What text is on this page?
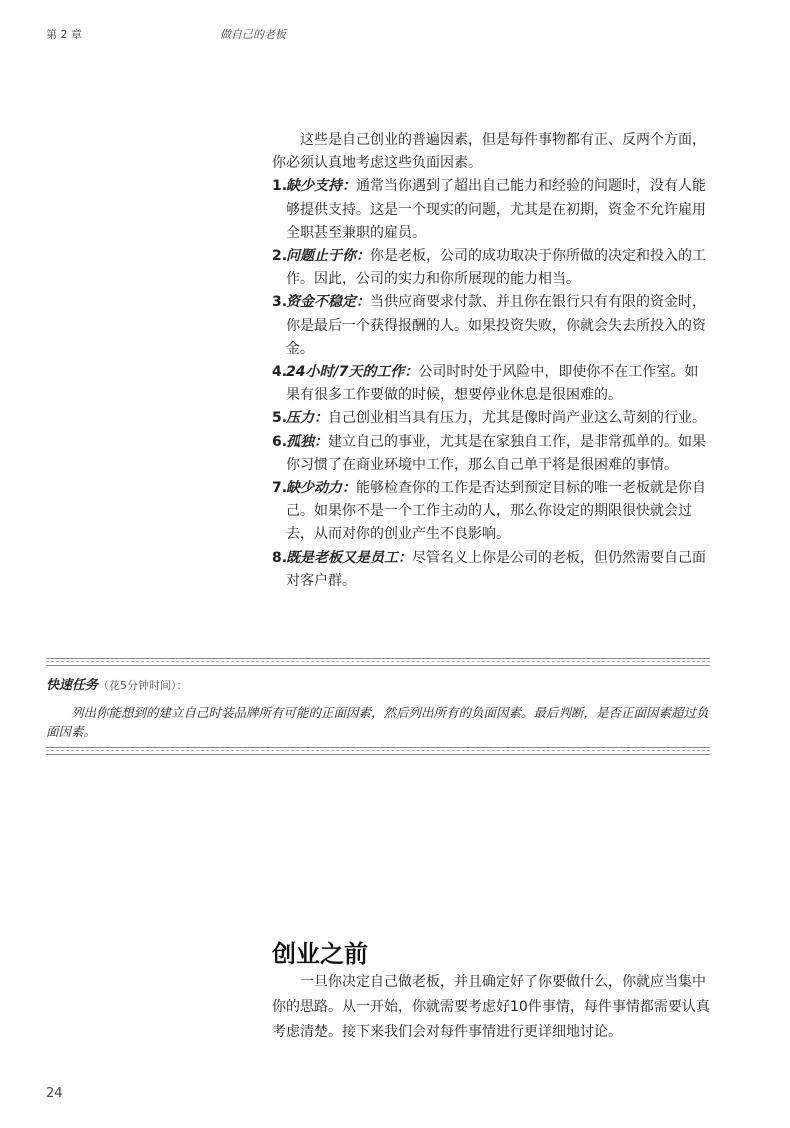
第 2 章	做自己的老板

这些是自己创业的普遍因素，但是每件事物都有正、反两个方面，你必须认真地考虑这些负面因素。

1.
缺少支持：通常当你遇到了超出自己能力和经验的问题时，没有人能够提供支持。这是一个现实的问题，尤其是在初期，资金不允许雇用全职甚至兼职的雇员。
2.
问题止于你：你是老板，公司的成功取决于你所做的决定和投入的工作。因此，公司的实力和你所展现的能力相当。
3.
资金不稳定：当供应商要求付款、并且你在银行只有有限的资金时，你是最后一个获得报酬的人。如果投资失败，你就会失去所投入的资金。
4.
24小时/7天的工作：公司时时处于风险中，即使你不在工作室。如果有很多工作要做的时候，想要停业休息是很困难的。
5.
压力：自己创业相当具有压力，尤其是像时尚产业这么苛刻的行业。
6.
孤独：建立自己的事业，尤其是在家独自工作，是非常孤单的。如果你习惯了在商业环境中工作，那么自己单干将是很困难的事情。
7.
缺少动力：能够检查你的工作是否达到预定目标的唯一老板就是你自己。如果你不是一个工作主动的人，那么你设定的期限很快就会过去，从而对你的创业产生不良影响。
8.
既是老板又是员工：尽管名义上你是公司的老板，但仍然需要自己面对客户群。
快速任务（花5分钟时间）：

列出你能想到的建立自己时装品牌所有可能的正面因素，然后列出所有的负面因素。最后判断，是否正面因素超过负面因素。

创业之前

一旦你决定自己做老板，并且确定好了你要做什么，你就应当集中你的思路。从一开始，你就需要考虑好10件事情，每件事情都需要认真考虑清楚。接下来我们会对每件事情进行更详细地讨论。

24
